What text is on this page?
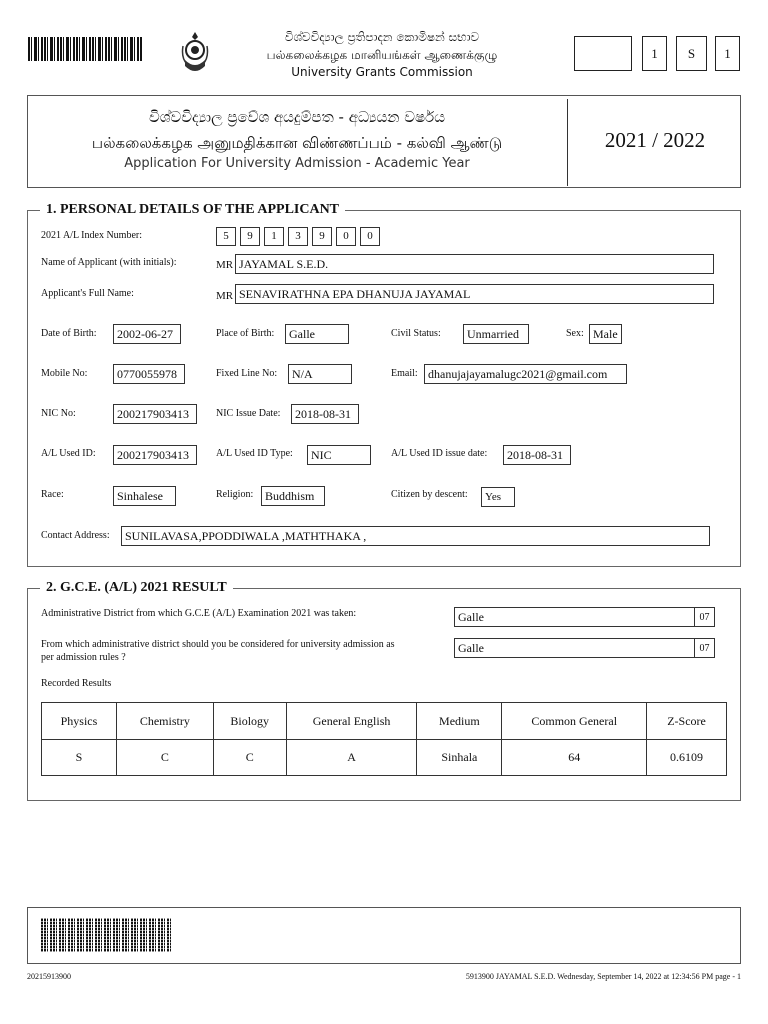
විශ්වවිද්‍යාල ප්‍රතිපාදන කොමිෂන් සභාව
பல்கலைக்கழக மானியங்கள் ஆணைக்குழு
University Grants Commission
1	S	1
විශ්වවිද්‍යාල ප්‍රවේශ අයදුම්පත - අධ්‍යයන වර්ෂය
பல்கலைக்கழக அனுமதிக்கான விண்ணப்பம் - கல்வி ஆண்டு
Application For University Admission - Academic Year
2021 / 2022
1. PERSONAL DETAILS OF THE APPLICANT
2021 A/L Index Number:	5	9	1	3	9	0	0
Name of Applicant (with initials):	MR JAYAMAL S.E.D.
Applicant's Full Name:	MR SENAVIRATHNA EPA DHANUJA JAYAMAL
Date of Birth:	2002-06-27	Place of Birth:	Galle	Civil Status:	Unmarried	Sex: Male
Mobile No:	0770055978	Fixed Line No:	N/A	Email: dhanujajayamalugc2021@gmail.com
NIC No:	200217903413	NIC Issue Date:	2018-08-31
A/L Used ID:	200217903413	A/L Used ID Type:	NIC	A/L Used ID issue date:	2018-08-31
Race:	Sinhalese	Religion: Buddhism	Citizen by descent:	Yes
Contact Address:	SUNILAVASA,PPODDIWALA ,MATHTHAKA ,
2. G.C.E. (A/L) 2021 RESULT
Administrative District from which G.C.E (A/L) Examination 2021 was taken:	Galle	07
From which administrative district should you be considered for university admission as
per admission rules ?
Galle	07
Recorded Results
Physics	Chemistry	Biology	General English	Medium	Common General	Z-Score
S	C	C	A	Sinhala	64	0.6109
20215913900	5913900 JAYAMAL S.E.D. Wednesday, September 14, 2022 at 12:34:56 PM page - 1
